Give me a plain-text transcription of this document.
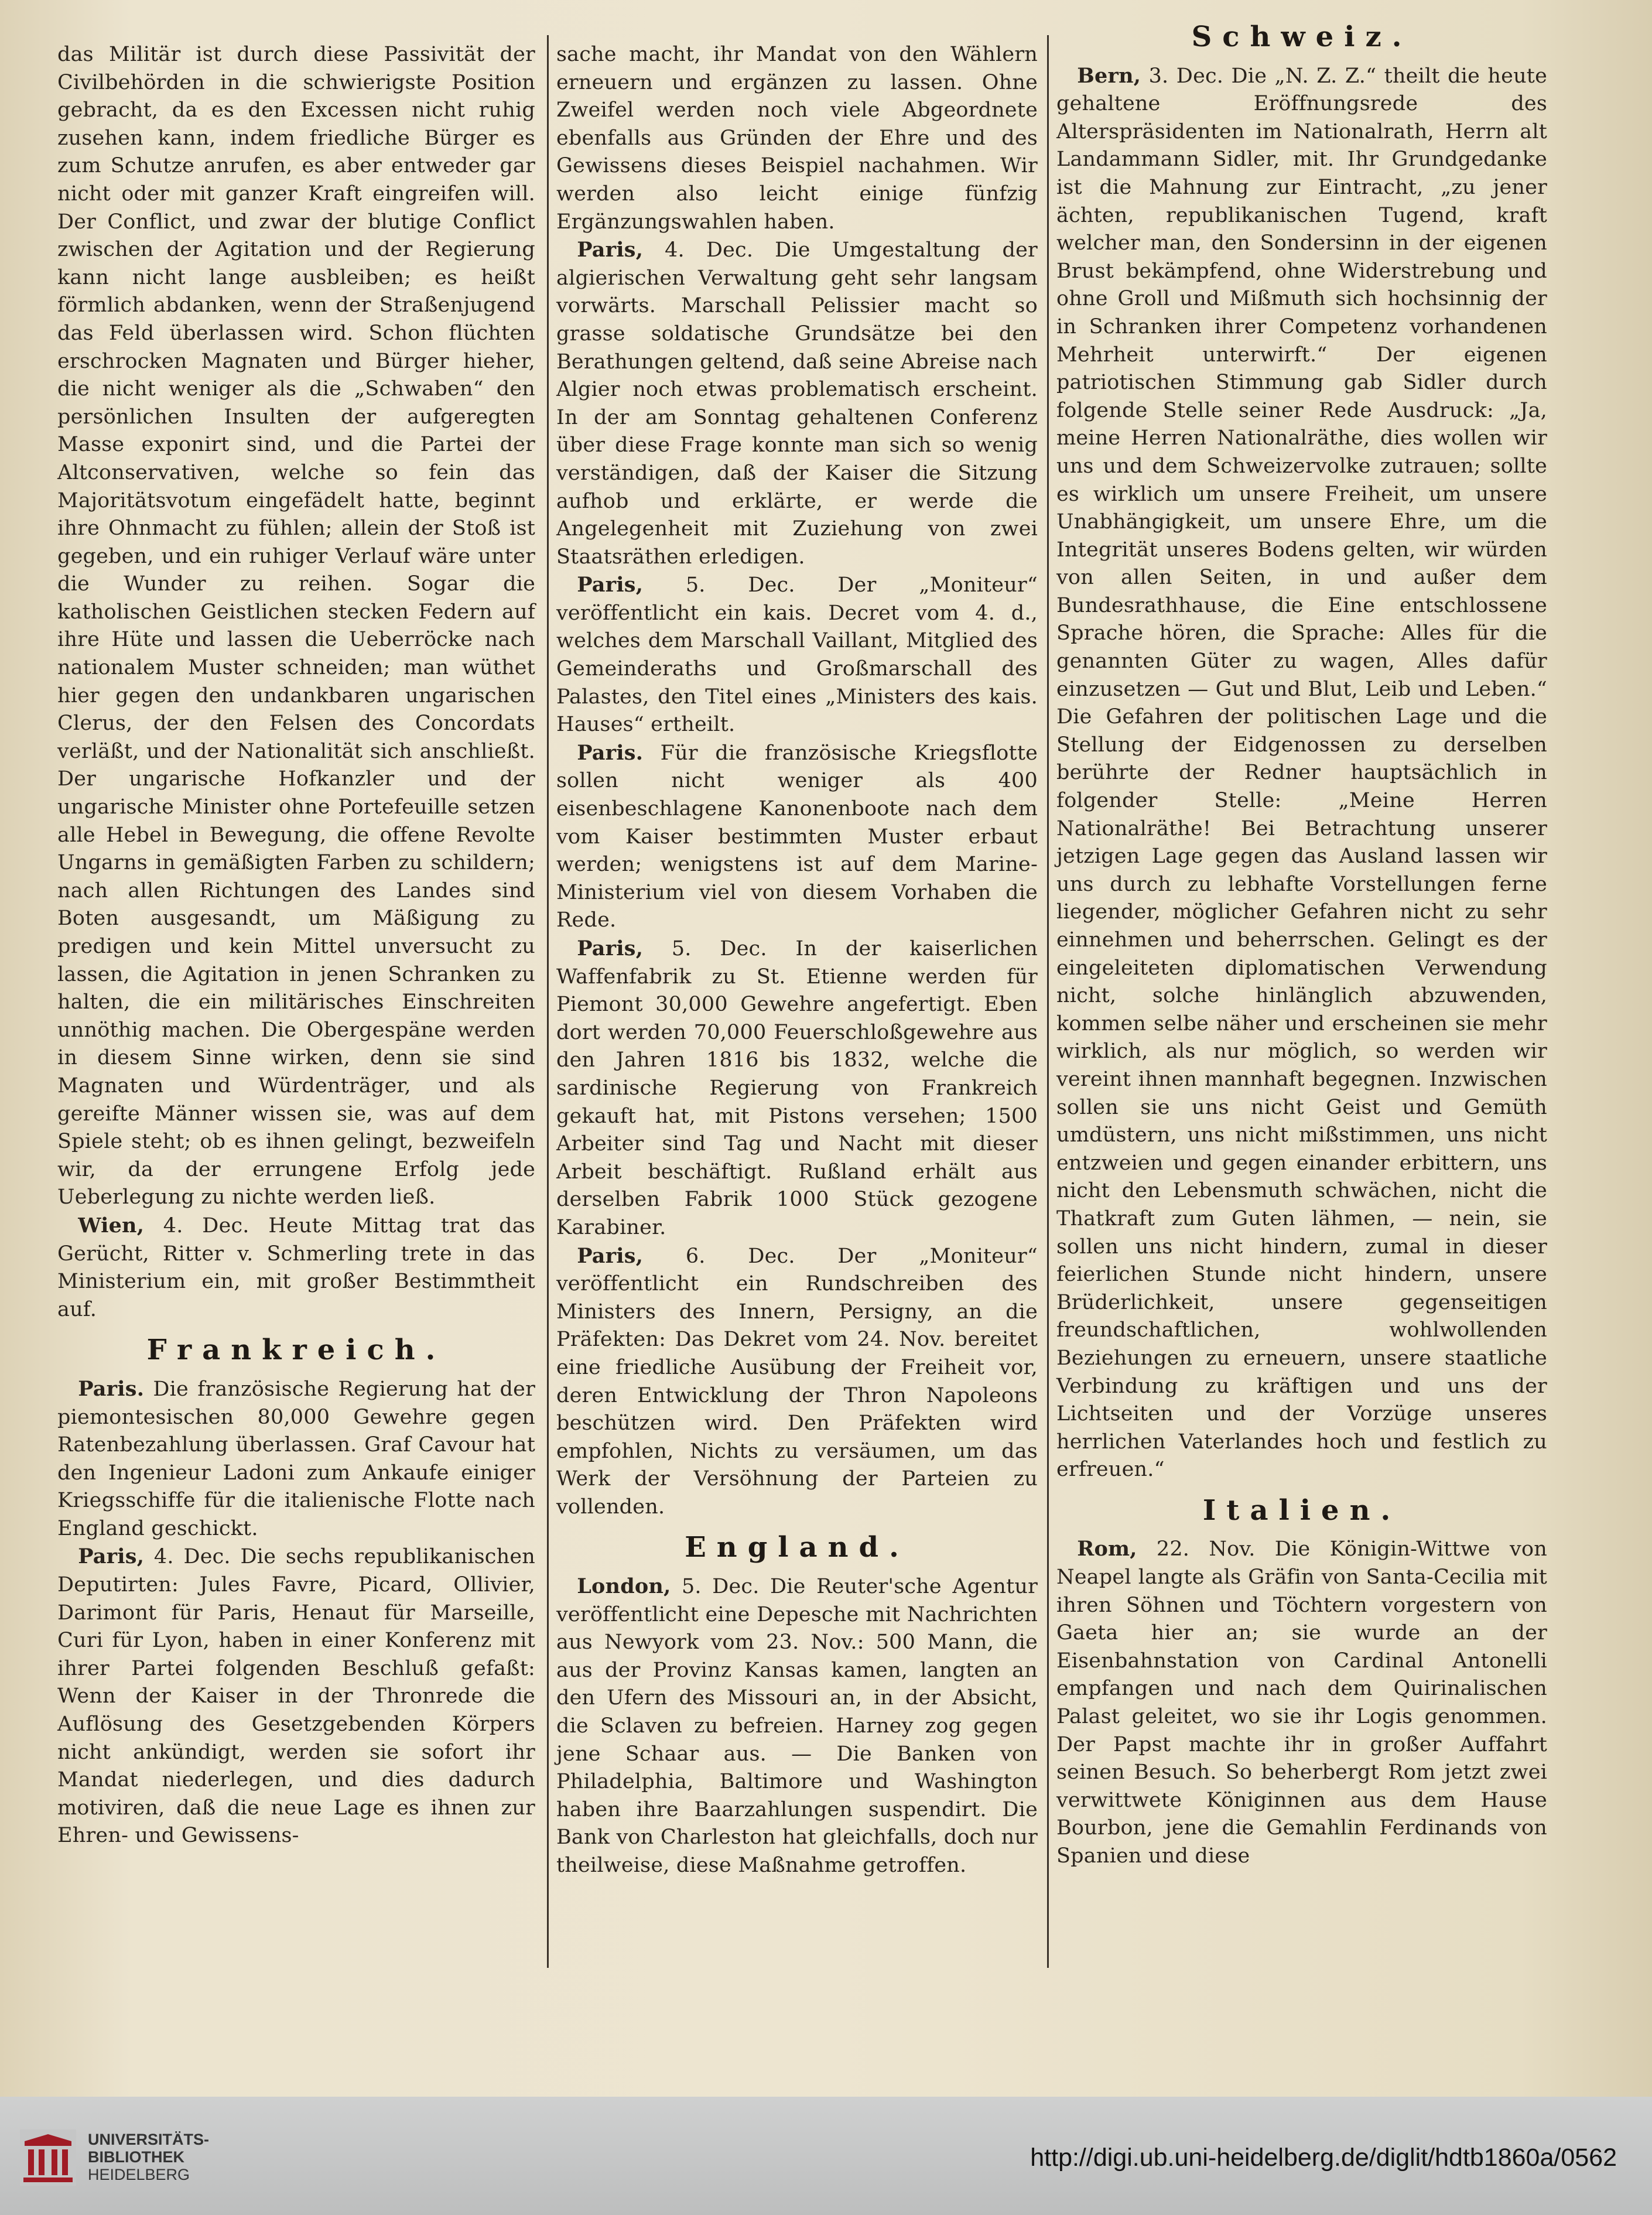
das Militär ist durch diese Passivität der Civilbehörden in die schwierigste Position gebracht, da es den Excessen nicht ruhig zusehen kann, indem friedliche Bürger es zum Schutze anrufen, es aber entweder gar nicht oder mit ganzer Kraft eingreifen will. Der Conflict, und zwar der blutige Conflict zwischen der Agitation und der Regierung kann nicht lange ausbleiben; es heißt förmlich abdanken, wenn der Straßenjugend das Feld überlassen wird. Schon flüchten erschrocken Magnaten und Bürger hieher, die nicht weniger als die „Schwaben“ den persönlichen Insulten der aufgeregten Masse exponirt sind, und die Partei der Altconservativen, welche so fein das Majoritätsvotum eingefädelt hatte, beginnt ihre Ohnmacht zu fühlen; allein der Stoß ist gegeben, und ein ruhiger Verlauf wäre unter die Wunder zu reihen. Sogar die katholischen Geistlichen stecken Federn auf ihre Hüte und lassen die Ueberröcke nach nationalem Muster schneiden; man wüthet hier gegen den undankbaren ungarischen Clerus, der den Felsen des Concordats verläßt, und der Nationalität sich anschließt. Der ungarische Hofkanzler und der ungarische Minister ohne Portefeuille setzen alle Hebel in Bewegung, die offene Revolte Ungarns in gemäßigten Farben zu schildern; nach allen Richtungen des Landes sind Boten ausgesandt, um Mäßigung zu predigen und kein Mittel unversucht zu lassen, die Agitation in jenen Schranken zu halten, die ein militärisches Einschreiten unnöthig machen. Die Obergespäne werden in diesem Sinne wirken, denn sie sind Magnaten und Würdenträger, und als gereifte Männer wissen sie, was auf dem Spiele steht; ob es ihnen gelingt, bezweifeln wir, da der errungene Erfolg jede Ueberlegung zu nichte werden ließ.

 Wien, 4. Dec. Heute Mittag trat das Gerücht, Ritter v. Schmerling trete in das Ministerium ein, mit großer Bestimmtheit auf.

Frankreich.

 Paris. Die französische Regierung hat der piemontesischen 80,000 Gewehre gegen Ratenbezahlung überlassen. Graf Cavour hat den Ingenieur Ladoni zum Ankaufe einiger Kriegsschiffe für die italienische Flotte nach England geschickt.

 Paris, 4. Dec. Die sechs republikanischen Deputirten: Jules Favre, Picard, Ollivier, Darimont für Paris, Henaut für Marseille, Curi für Lyon, haben in einer Konferenz mit ihrer Partei folgenden Beschluß gefaßt: Wenn der Kaiser in der Thronrede die Auflösung des Gesetzgebenden Körpers nicht ankündigt, werden sie sofort ihr Mandat niederlegen, und dies dadurch motiviren, daß die neue Lage es ihnen zur Ehren- und Gewissens-

sache macht, ihr Mandat von den Wählern erneuern und ergänzen zu lassen. Ohne Zweifel werden noch viele Abgeordnete ebenfalls aus Gründen der Ehre und des Gewissens dieses Beispiel nachahmen. Wir werden also leicht einige fünfzig Ergänzungswahlen haben.

 Paris, 4. Dec. Die Umgestaltung der algierischen Verwaltung geht sehr langsam vorwärts. Marschall Pelissier macht so grasse soldatische Grundsätze bei den Berathungen geltend, daß seine Abreise nach Algier noch etwas problematisch erscheint. In der am Sonntag gehaltenen Conferenz über diese Frage konnte man sich so wenig verständigen, daß der Kaiser die Sitzung aufhob und erklärte, er werde die Angelegenheit mit Zuziehung von zwei Staatsräthen erledigen.

 Paris, 5. Dec. Der „Moniteur“ veröffentlicht ein kais. Decret vom 4. d., welches dem Marschall Vaillant, Mitglied des Gemeinderaths und Großmarschall des Palastes, den Titel eines „Ministers des kais. Hauses“ ertheilt.

 Paris. Für die französische Kriegsflotte sollen nicht weniger als 400 eisenbeschlagene Kanonenboote nach dem vom Kaiser bestimmten Muster erbaut werden; wenigstens ist auf dem Marine-Ministerium viel von diesem Vorhaben die Rede.

 Paris, 5. Dec. In der kaiserlichen Waffenfabrik zu St. Etienne werden für Piemont 30,000 Gewehre angefertigt. Eben dort werden 70,000 Feuerschloßgewehre aus den Jahren 1816 bis 1832, welche die sardinische Regierung von Frankreich gekauft hat, mit Pistons versehen; 1500 Arbeiter sind Tag und Nacht mit dieser Arbeit beschäftigt. Rußland erhält aus derselben Fabrik 1000 Stück gezogene Karabiner.

 Paris, 6. Dec. Der „Moniteur“ veröffentlicht ein Rundschreiben des Ministers des Innern, Persigny, an die Präfekten: Das Dekret vom 24. Nov. bereitet eine friedliche Ausübung der Freiheit vor, deren Entwicklung der Thron Napoleons beschützen wird. Den Präfekten wird empfohlen, Nichts zu versäumen, um das Werk der Versöhnung der Parteien zu vollenden.

England.

 London, 5. Dec. Die Reuter'sche Agentur veröffentlicht eine Depesche mit Nachrichten aus Newyork vom 23. Nov.: 500 Mann, die aus der Provinz Kansas kamen, langten an den Ufern des Missouri an, in der Absicht, die Sclaven zu befreien. Harney zog gegen jene Schaar aus. — Die Banken von Philadelphia, Baltimore und Washington haben ihre Baarzahlungen suspendirt. Die Bank von Charleston hat gleichfalls, doch nur theilweise, diese Maßnahme getroffen.

Schweiz.

 Bern, 3. Dec. Die „N. Z. Z.“ theilt die heute gehaltene Eröffnungsrede des Alterspräsidenten im Nationalrath, Herrn alt Landammann Sidler, mit. Ihr Grundgedanke ist die Mahnung zur Eintracht, „zu jener ächten, republikanischen Tugend, kraft welcher man, den Sondersinn in der eigenen Brust bekämpfend, ohne Widerstrebung und ohne Groll und Mißmuth sich hochsinnig der in Schranken ihrer Competenz vorhandenen Mehrheit unterwirft.“ Der eigenen patriotischen Stimmung gab Sidler durch folgende Stelle seiner Rede Ausdruck: „Ja, meine Herren Nationalräthe, dies wollen wir uns und dem Schweizervolke zutrauen; sollte es wirklich um unsere Freiheit, um unsere Unabhängigkeit, um unsere Ehre, um die Integrität unseres Bodens gelten, wir würden von allen Seiten, in und außer dem Bundesrathhause, die Eine entschlossene Sprache hören, die Sprache: Alles für die genannten Güter zu wagen, Alles dafür einzusetzen — Gut und Blut, Leib und Leben.“ Die Gefahren der politischen Lage und die Stellung der Eidgenossen zu derselben berührte der Redner hauptsächlich in folgender Stelle: „Meine Herren Nationalräthe! Bei Betrachtung unserer jetzigen Lage gegen das Ausland lassen wir uns durch zu lebhafte Vorstellungen ferne liegender, möglicher Gefahren nicht zu sehr einnehmen und beherrschen. Gelingt es der eingeleiteten diplomatischen Verwendung nicht, solche hinlänglich abzuwenden, kommen selbe näher und erscheinen sie mehr wirklich, als nur möglich, so werden wir vereint ihnen mannhaft begegnen. Inzwischen sollen sie uns nicht Geist und Gemüth umdüstern, uns nicht mißstimmen, uns nicht entzweien und gegen einander erbittern, uns nicht den Lebensmuth schwächen, nicht die Thatkraft zum Guten lähmen, — nein, sie sollen uns nicht hindern, zumal in dieser feierlichen Stunde nicht hindern, unsere Brüderlichkeit, unsere gegenseitigen freundschaftlichen, wohlwollenden Beziehungen zu erneuern, unsere staatliche Verbindung zu kräftigen und uns der Lichtseiten und der Vorzüge unseres herrlichen Vaterlandes hoch und festlich zu erfreuen.“

Italien.

 Rom, 22. Nov. Die Königin-Wittwe von Neapel langte als Gräfin von Santa-Cecilia mit ihren Söhnen und Töchtern vorgestern von Gaeta hier an; sie wurde an der Eisenbahnstation von Cardinal Antonelli empfangen und nach dem Quirinalischen Palast geleitet, wo sie ihr Logis genommen. Der Papst machte ihr in großer Auffahrt seinen Besuch. So beherbergt Rom jetzt zwei verwittwete Königinnen aus dem Hause Bourbon, jene die Gemahlin Ferdinands von Spanien und diese

UNIVERSITÄTS-
BIBLIOTHEK
HEIDELBERG
http://digi.ub.uni-heidelberg.de/diglit/hdtb1860a/0562
